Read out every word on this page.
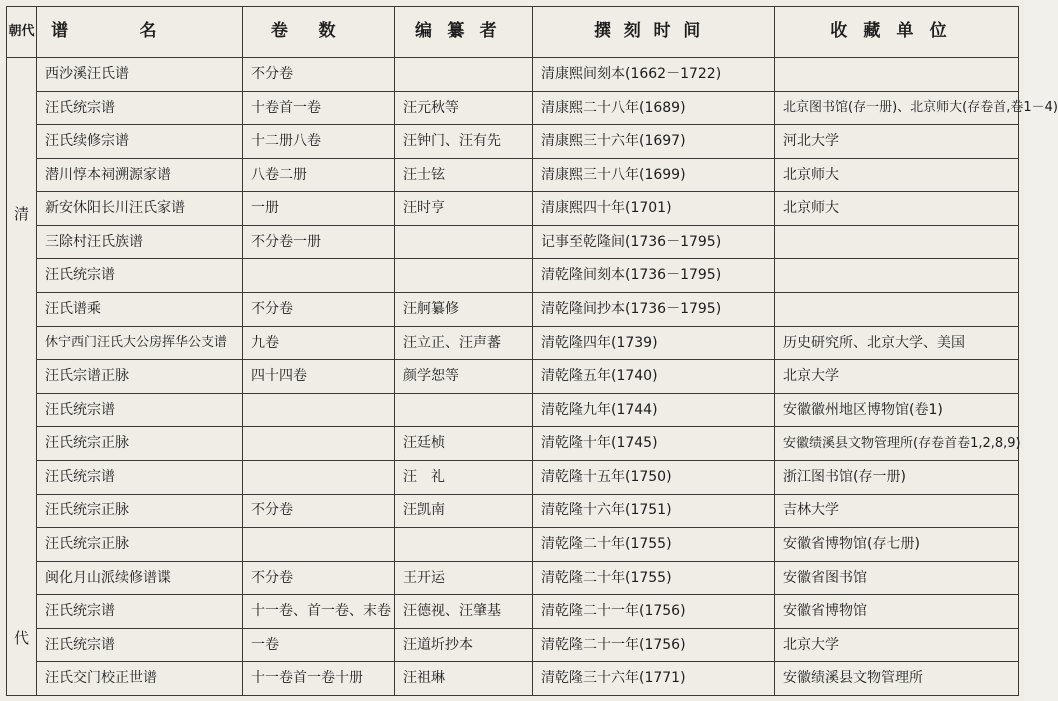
朝代	谱名	卷数	编纂者	撰刻时间	收藏单位

清
代	西沙溪汪氏谱	不分卷		清康熙间刻本(1662－1722)	
	汪氏统宗谱	十卷首一卷	汪元秋等	清康熙二十八年(1689)	北京图书馆(存一册)、北京师大(存卷首,卷1－4)
	汪氏续修宗谱	十二册八卷	汪钟门、汪有先	清康熙三十六年(1697)	河北大学
	潜川惇本祠溯源家谱	八卷二册	汪士铉	清康熙三十八年(1699)	北京师大
	新安休阳长川汪氏家谱	一册	汪时亨	清康熙四十年(1701)	北京师大
	三除村汪氏族谱	不分卷一册		记事至乾隆间(1736－1795)	
	汪氏统宗谱			清乾隆间刻本(1736－1795)	
	汪氏谱乘	不分卷	汪舸纂修	清乾隆间抄本(1736－1795)	
	休宁西门汪氏大公房挥华公支谱	九卷	汪立正、汪声蕃	清乾隆四年(1739)	历史研究所、北京大学、美国
	汪氏宗谱正脉	四十四卷	颜学恕等	清乾隆五年(1740)	北京大学
	汪氏统宗谱			清乾隆九年(1744)	安徽徽州地区博物馆(卷1)
	汪氏统宗正脉		汪廷桢	清乾隆十年(1745)	安徽绩溪县文物管理所(存卷首卷1,2,8,9)
	汪氏统宗谱		汪　礼	清乾隆十五年(1750)	浙江图书馆(存一册)
	汪氏统宗正脉	不分卷	汪凯南	清乾隆十六年(1751)	吉林大学
	汪氏统宗正脉			清乾隆二十年(1755)	安徽省博物馆(存七册)
	闽化月山派续修谱谍	不分卷	王开运	清乾隆二十年(1755)	安徽省图书馆
	汪氏统宗谱	十一卷、首一卷、末卷	汪德视、汪肇基	清乾隆二十一年(1756)	安徽省博物馆
	汪氏统宗谱	一卷	汪道圻抄本	清乾隆二十一年(1756)	北京大学
	汪氏交门校正世谱	十一卷首一卷十册	汪祖琳	清乾隆三十六年(1771)	安徽绩溪县文物管理所
